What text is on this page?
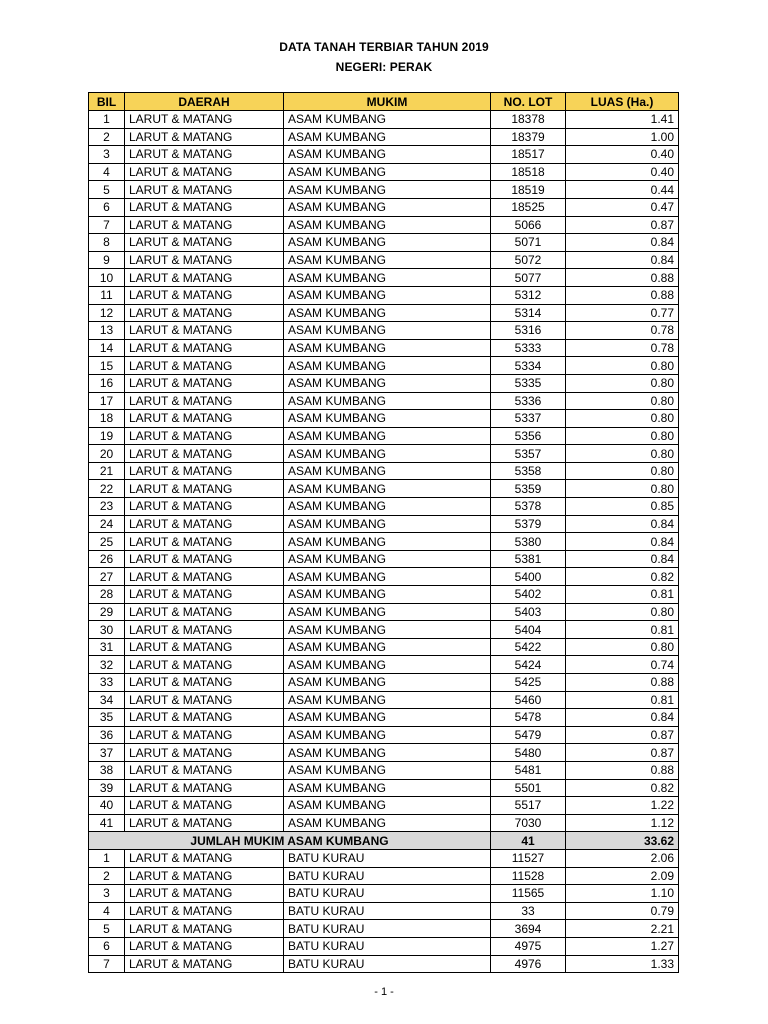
DATA TANAH TERBIAR TAHUN 2019
NEGERI: PERAK
BIL	DAERAH	MUKIM	NO. LOT	LUAS (Ha.)
1	LARUT & MATANG	ASAM KUMBANG	18378	1.41
2	LARUT & MATANG	ASAM KUMBANG	18379	1.00
3	LARUT & MATANG	ASAM KUMBANG	18517	0.40
4	LARUT & MATANG	ASAM KUMBANG	18518	0.40
5	LARUT & MATANG	ASAM KUMBANG	18519	0.44
6	LARUT & MATANG	ASAM KUMBANG	18525	0.47
7	LARUT & MATANG	ASAM KUMBANG	5066	0.87
8	LARUT & MATANG	ASAM KUMBANG	5071	0.84
9	LARUT & MATANG	ASAM KUMBANG	5072	0.84
10	LARUT & MATANG	ASAM KUMBANG	5077	0.88
11	LARUT & MATANG	ASAM KUMBANG	5312	0.88
12	LARUT & MATANG	ASAM KUMBANG	5314	0.77
13	LARUT & MATANG	ASAM KUMBANG	5316	0.78
14	LARUT & MATANG	ASAM KUMBANG	5333	0.78
15	LARUT & MATANG	ASAM KUMBANG	5334	0.80
16	LARUT & MATANG	ASAM KUMBANG	5335	0.80
17	LARUT & MATANG	ASAM KUMBANG	5336	0.80
18	LARUT & MATANG	ASAM KUMBANG	5337	0.80
19	LARUT & MATANG	ASAM KUMBANG	5356	0.80
20	LARUT & MATANG	ASAM KUMBANG	5357	0.80
21	LARUT & MATANG	ASAM KUMBANG	5358	0.80
22	LARUT & MATANG	ASAM KUMBANG	5359	0.80
23	LARUT & MATANG	ASAM KUMBANG	5378	0.85
24	LARUT & MATANG	ASAM KUMBANG	5379	0.84
25	LARUT & MATANG	ASAM KUMBANG	5380	0.84
26	LARUT & MATANG	ASAM KUMBANG	5381	0.84
27	LARUT & MATANG	ASAM KUMBANG	5400	0.82
28	LARUT & MATANG	ASAM KUMBANG	5402	0.81
29	LARUT & MATANG	ASAM KUMBANG	5403	0.80
30	LARUT & MATANG	ASAM KUMBANG	5404	0.81
31	LARUT & MATANG	ASAM KUMBANG	5422	0.80
32	LARUT & MATANG	ASAM KUMBANG	5424	0.74
33	LARUT & MATANG	ASAM KUMBANG	5425	0.88
34	LARUT & MATANG	ASAM KUMBANG	5460	0.81
35	LARUT & MATANG	ASAM KUMBANG	5478	0.84
36	LARUT & MATANG	ASAM KUMBANG	5479	0.87
37	LARUT & MATANG	ASAM KUMBANG	5480	0.87
38	LARUT & MATANG	ASAM KUMBANG	5481	0.88
39	LARUT & MATANG	ASAM KUMBANG	5501	0.82
40	LARUT & MATANG	ASAM KUMBANG	5517	1.22
41	LARUT & MATANG	ASAM KUMBANG	7030	1.12
JUMLAH MUKIM ASAM KUMBANG			41	33.62
1	LARUT & MATANG	BATU KURAU	11527	2.06
2	LARUT & MATANG	BATU KURAU	11528	2.09
3	LARUT & MATANG	BATU KURAU	11565	1.10
4	LARUT & MATANG	BATU KURAU	33	0.79
5	LARUT & MATANG	BATU KURAU	3694	2.21
6	LARUT & MATANG	BATU KURAU	4975	1.27
7	LARUT & MATANG	BATU KURAU	4976	1.33
- 1 -
